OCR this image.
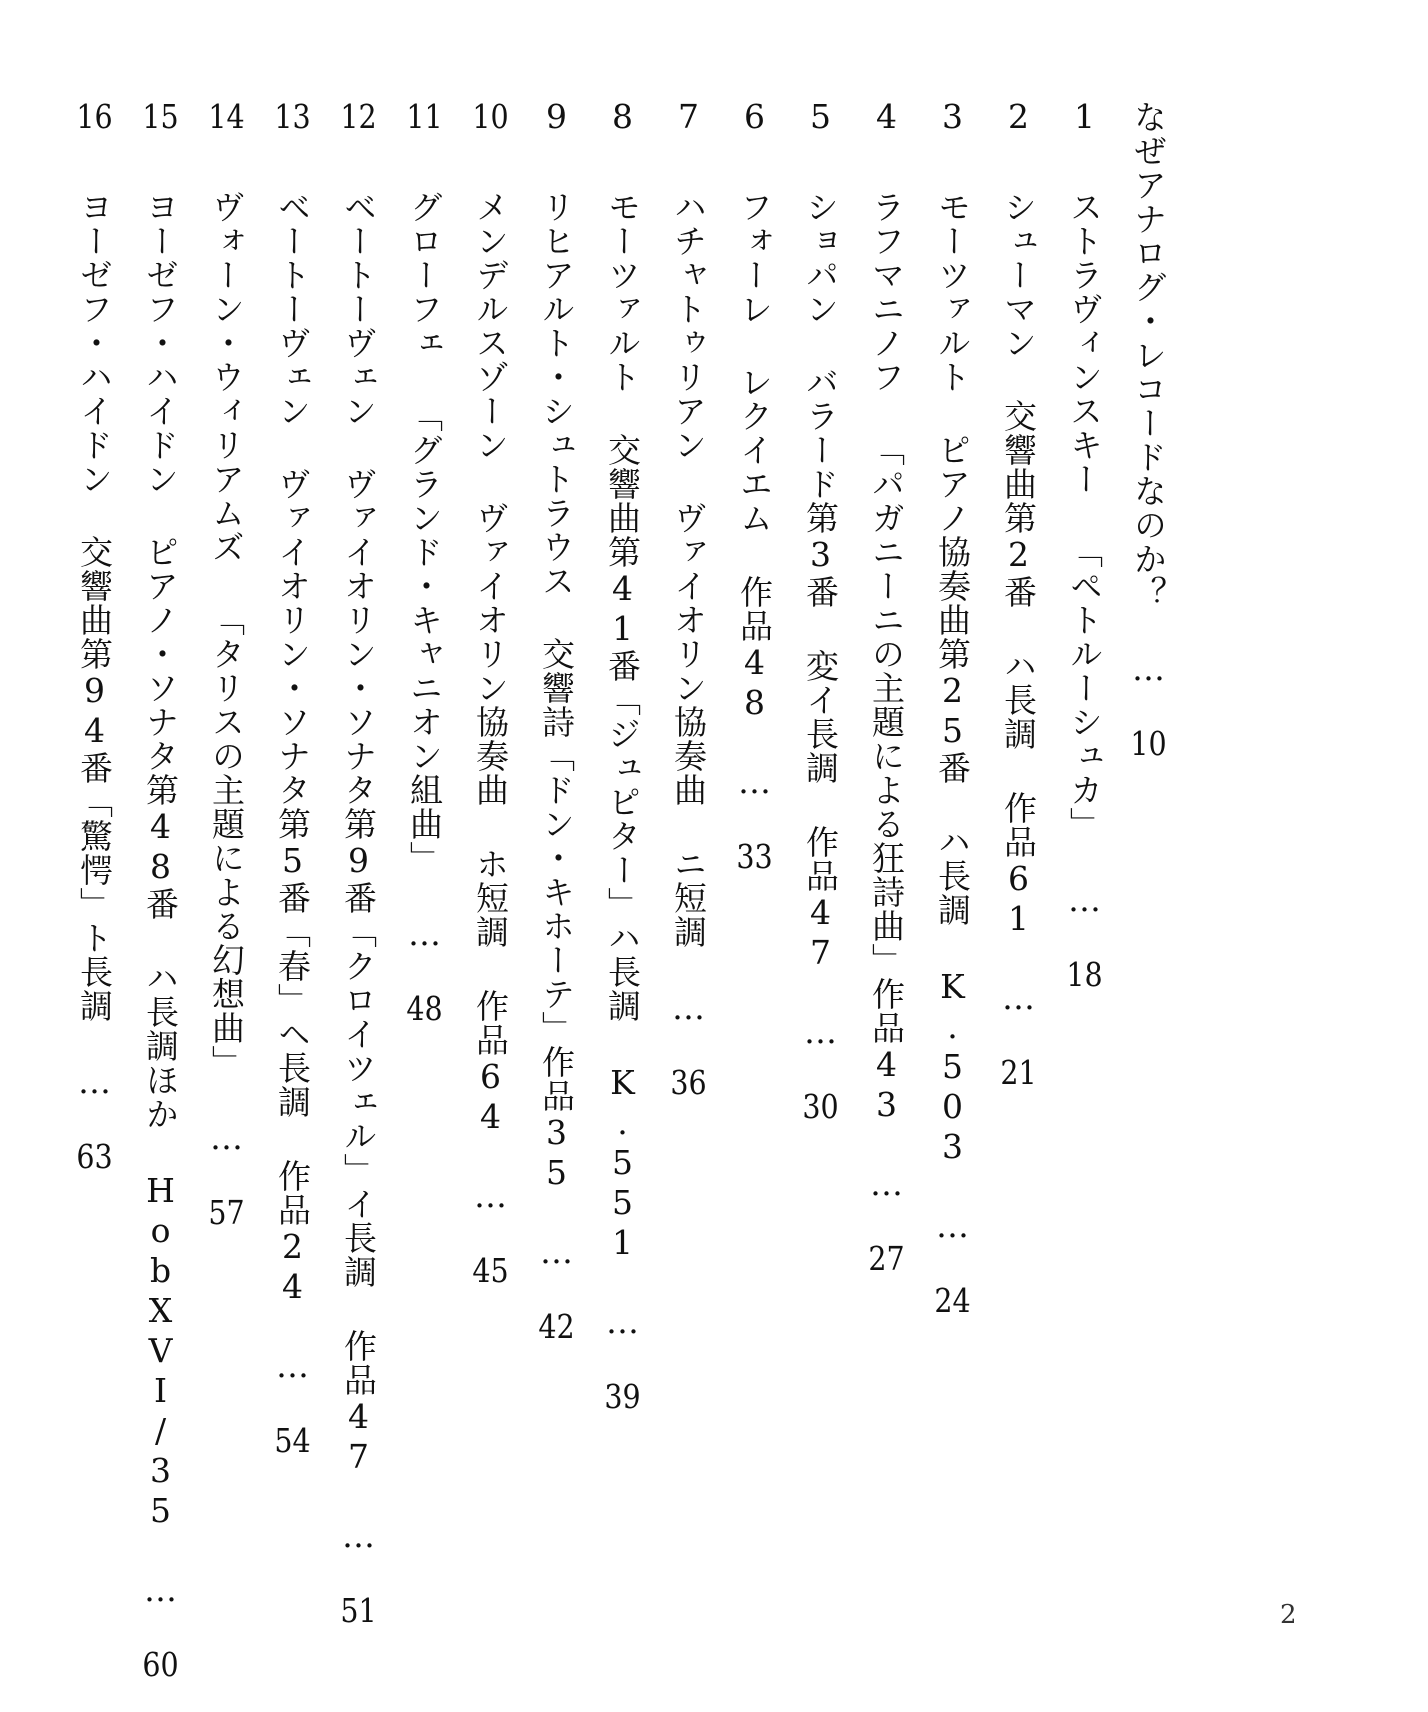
なぜアナログ・レコードなのか？ … 10
1 ストラヴィンスキー 「ペトルーシュカ」 … 18
2 シューマン 交響曲第2番 ハ長調 作品61 … 21
3 モーツァルト ピアノ協奏曲第25番 ハ長調 K.503 … 24
4 ラフマニノフ 「パガニーニの主題による狂詩曲」作品43 … 27
5 ショパン バラード第3番 変イ長調 作品47 … 30
6 フォーレ レクイエム 作品48 … 33
7 ハチャトゥリアン ヴァイオリン協奏曲 ニ短調 … 36
8 モーツァルト 交響曲第41番「ジュピター」ハ長調 K.551 … 39
9 リヒアルト・シュトラウス 交響詩「ドン・キホーテ」作品35 … 42
10 メンデルスゾーン ヴァイオリン協奏曲 ホ短調 作品64 … 45
11 グローフェ 「グランド・キャニオン組曲」 … 48
12 ベートーヴェン ヴァイオリン・ソナタ第9番「クロイツェル」イ長調 作品47 … 51
13 ベートーヴェン ヴァイオリン・ソナタ第5番「春」ヘ長調 作品24 … 54
14 ヴォーン・ウィリアムズ 「タリスの主題による幻想曲」 … 57
15 ヨーゼフ・ハイドン ピアノ・ソナタ第48番 ハ長調ほか HobXVI/35 … 60
16 ヨーゼフ・ハイドン 交響曲第94番「驚愕」ト長調 … 63
2
